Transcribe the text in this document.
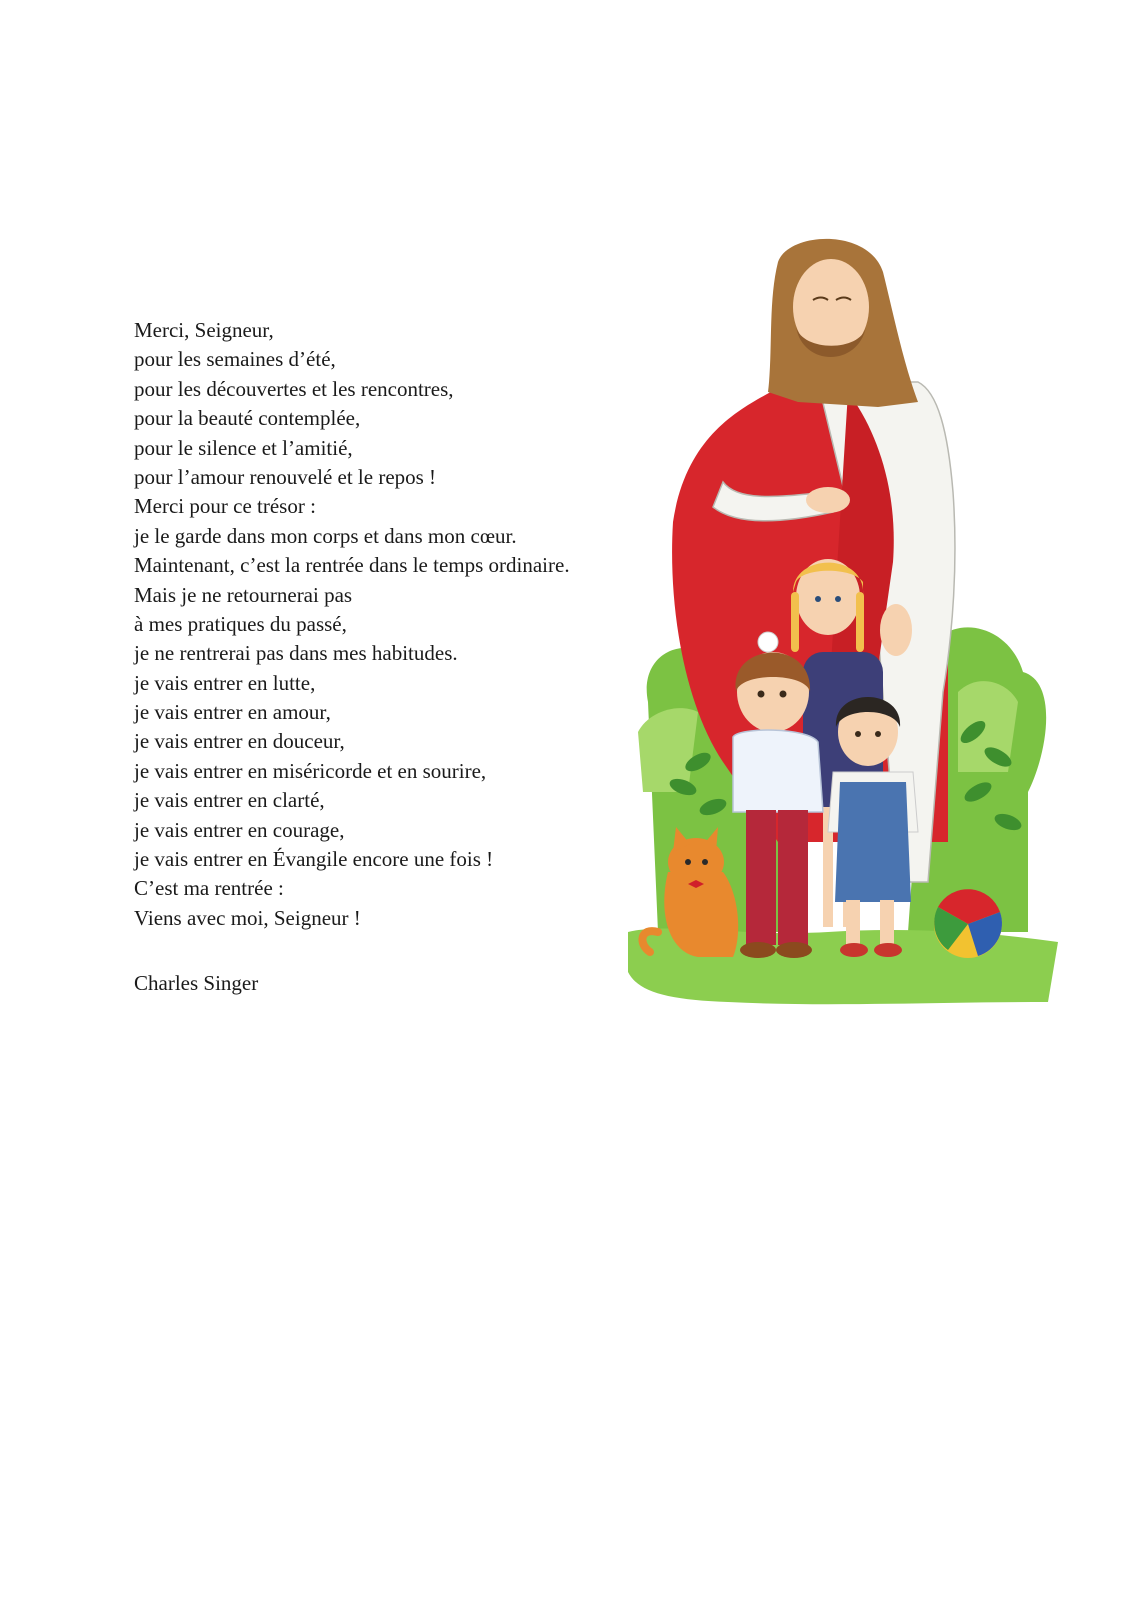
Merci, Seigneur,
pour les semaines d’été,
pour les découvertes et les rencontres,
pour la beauté contemplée,
pour le silence et l’amitié,
pour l’amour renouvelé et le repos !
Merci pour ce trésor :
je le garde dans mon corps et dans mon cœur.
Maintenant, c’est la rentrée dans le temps ordinaire.
Mais je ne retournerai pas
à mes pratiques du passé,
je ne rentrerai pas dans mes habitudes.
je vais entrer en lutte,
je vais entrer en amour,
je vais entrer en douceur,
je vais entrer en miséricorde et en sourire,
je vais entrer en clarté,
je vais entrer en courage,
je vais entrer en Évangile encore une fois !
C’est ma rentrée :
Viens avec moi, Seigneur !
Charles Singer
